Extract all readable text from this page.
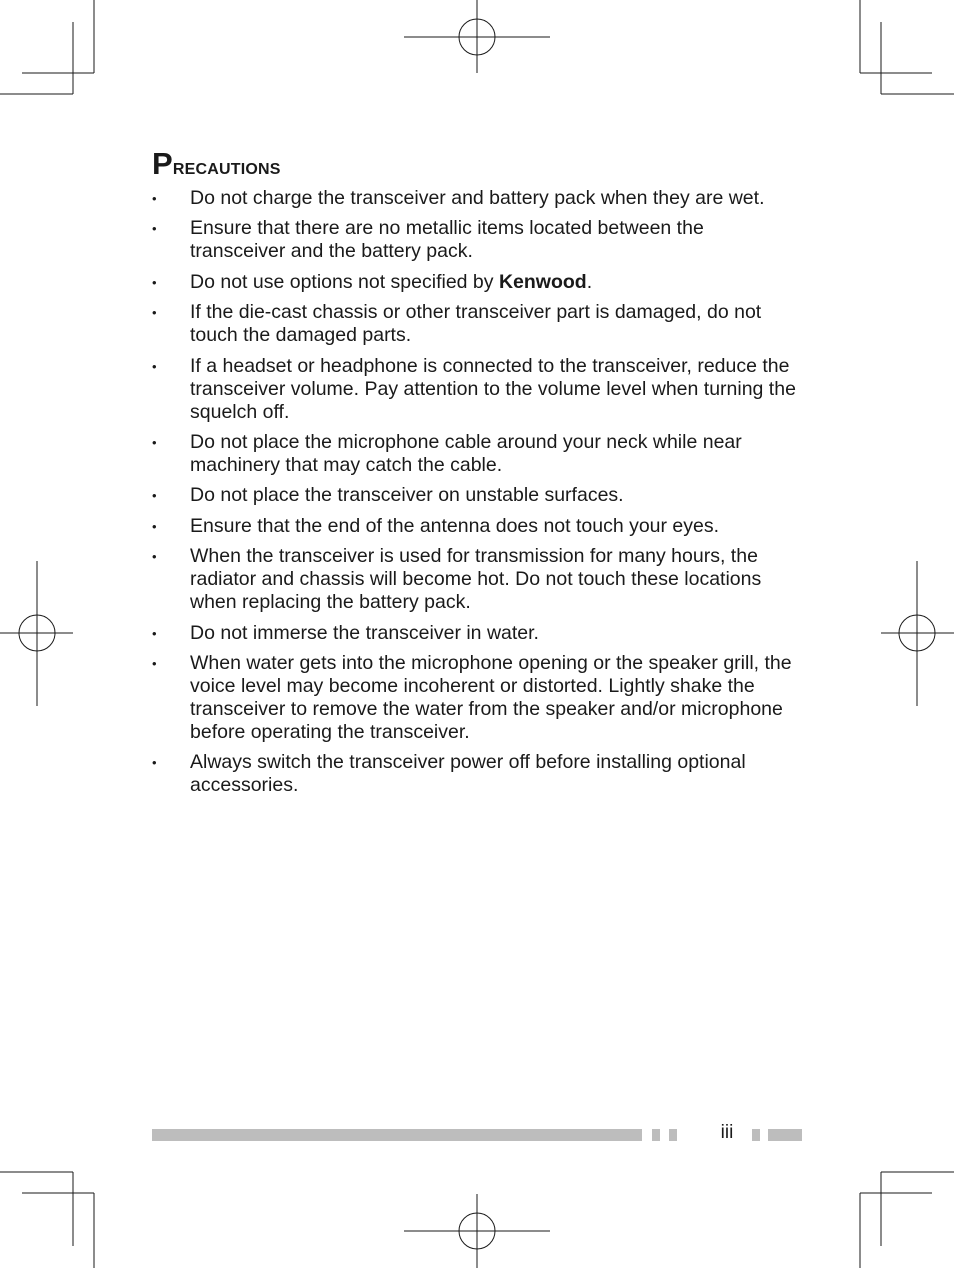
Precautions
• Do not charge the transceiver and battery pack when they are wet.
• Ensure that there are no metallic items located between the transceiver and the battery pack.
• Do not use options not specified by Kenwood.
• If the die-cast chassis or other transceiver part is damaged, do not touch the damaged parts.
• If a headset or headphone is connected to the transceiver, reduce the transceiver volume. Pay attention to the volume level when turning the squelch off.
• Do not place the microphone cable around your neck while near machinery that may catch the cable.
• Do not place the transceiver on unstable surfaces.
• Ensure that the end of the antenna does not touch your eyes.
• When the transceiver is used for transmission for many hours, the radiator and chassis will become hot. Do not touch these locations when replacing the battery pack.
• Do not immerse the transceiver in water.
• When water gets into the microphone opening or the speaker grill, the voice level may become incoherent or distorted. Lightly shake the transceiver to remove the water from the speaker and/or microphone before operating the transceiver.
• Always switch the transceiver power off before installing optional accessories.
iii
